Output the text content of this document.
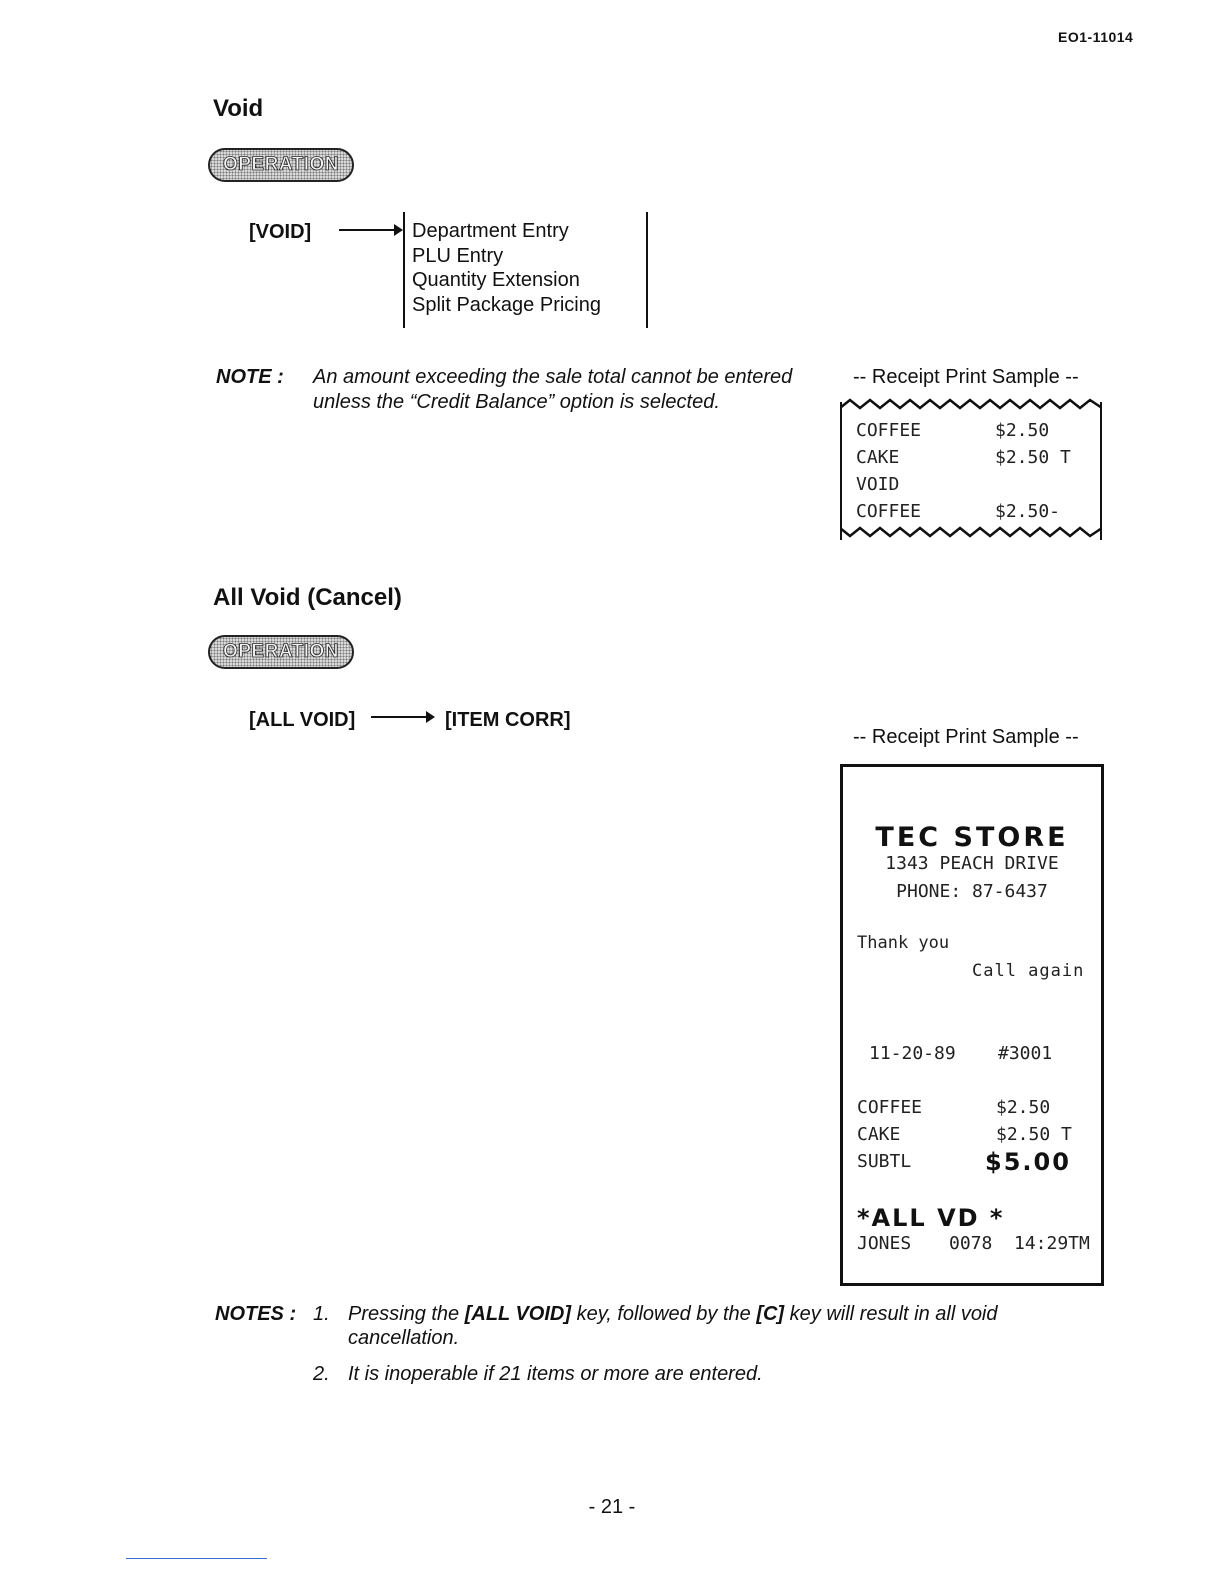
EO1-11014
Void
OPERATION
[VOID]	Department Entry
PLU Entry
Quantity Extension
Split Package Pricing
NOTE : An amount exceeding the sale total cannot be entered
unless the “Credit Balance” option is selected.
-- Receipt Print Sample --
COFFEE	$2.50
CAKE	$2.50 T
VOID
COFFEE	$2.50-
All Void (Cancel)
OPERATION
[ALL VOID]	[ITEM CORR]
-- Receipt Print Sample --
TEC STORE
1343 PEACH DRIVE
PHONE: 87-6437
Thank you
Call again
11-20-89 #3001
COFFEE	$2.50
CAKE	$2.50 T
SUBTL	$5.00
*ALL VD *
JONES 0078 14:29TM
NOTES : 1. Pressing the [ALL VOID] key, followed by the [C] key will result in all void
cancellation.
2. It is inoperable if 21 items or more are entered.
- 21 -
